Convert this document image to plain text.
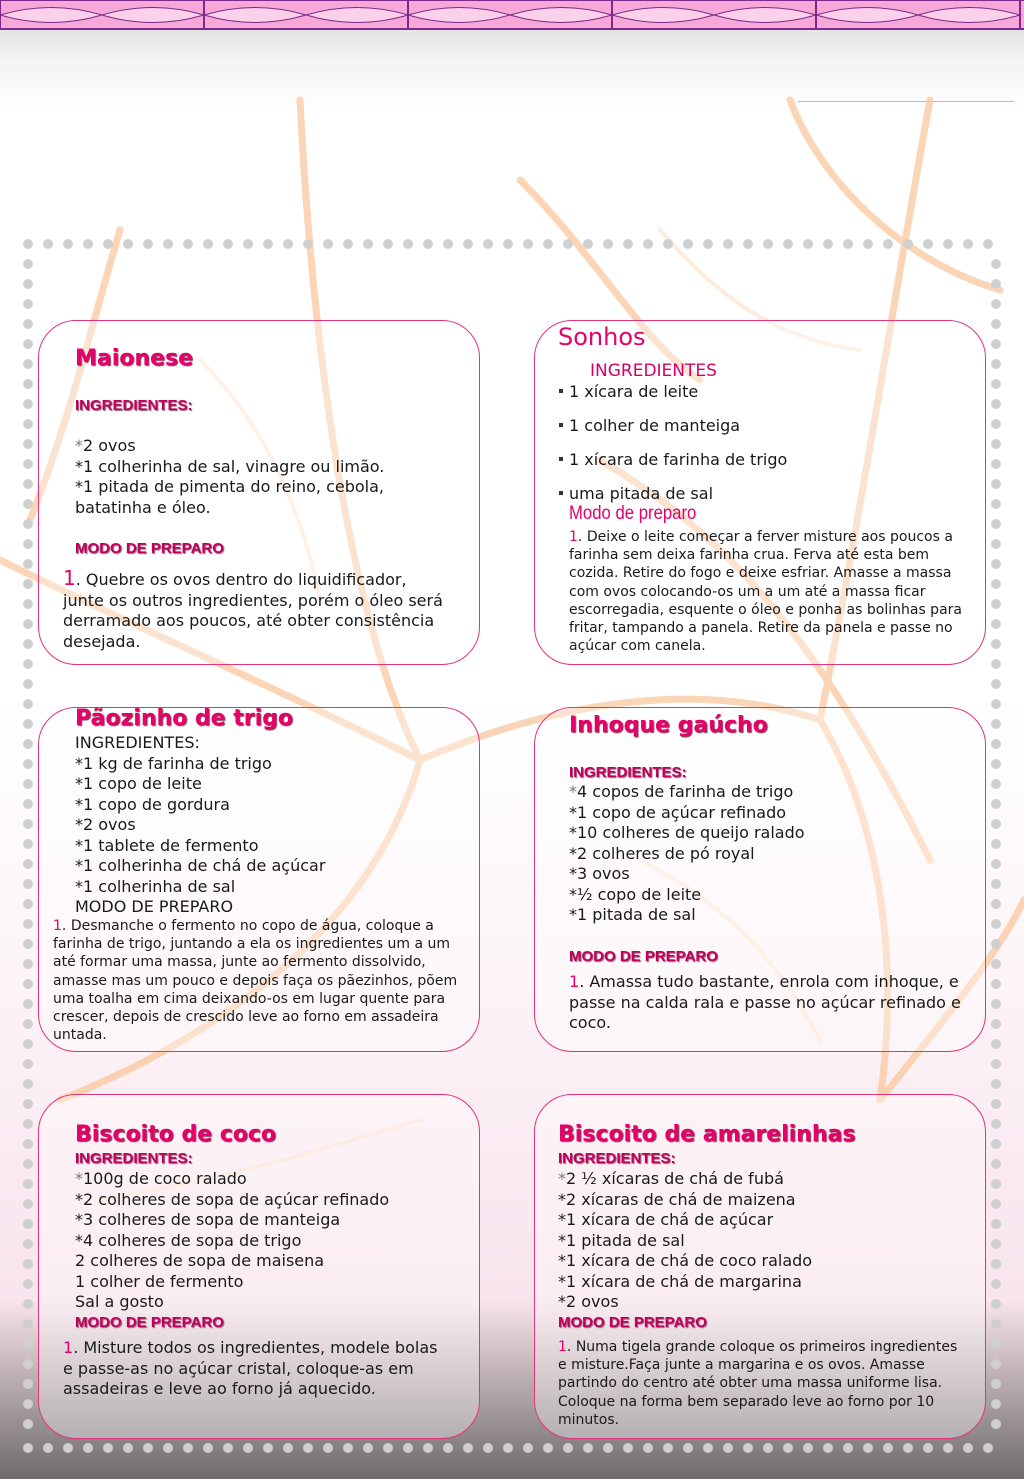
Maionese
INGREDIENTES:
*2 ovos
*1 colherinha de sal, vinagre ou limão.
*1 pitada de pimenta do reino, cebola,
batatinha e óleo.
MODO DE PREPARO
1. Quebre os ovos dentro do liquidificador, junte os outros ingredientes, porém o óleo será derramado aos poucos, até obter consistência desejada.
Sonhos
INGREDIENTES
1 xícara de leite
1 colher de manteiga
1 xícara de farinha de trigo
uma pitada de sal
Modo de preparo
1. Deixe o leite começar a ferver misture aos poucos a farinha sem deixa farinha crua. Ferva até esta bem cozida. Retire do fogo e deixe esfriar. Amasse a massa com ovos colocando-os um a um até a massa ficar escorregadia, esquente o óleo e ponha as bolinhas para fritar, tampando a panela. Retire da panela e passe no açúcar com canela.
Pãozinho de trigo
INGREDIENTES:
*1 kg de farinha de trigo
*1 copo de leite
*1 copo de gordura
*2 ovos
*1 tablete de fermento
*1 colherinha de chá de açúcar
*1 colherinha de sal
MODO DE PREPARO
1. Desmanche o fermento no copo de água, coloque a farinha de trigo, juntando a ela os ingredientes um a um até formar uma massa, junte ao fermento dissolvido, amasse mas um pouco e depois faça os pãezinhos, põem uma toalha em cima deixando-os em lugar quente para crescer, depois de crescido leve ao forno em assadeira untada.
Inhoque gaúcho
INGREDIENTES:
*4 copos de farinha de trigo
*1 copo de açúcar refinado
*10 colheres de queijo ralado
*2 colheres de pó royal
*3 ovos
*½ copo de leite
*1 pitada de sal
MODO DE PREPARO
1. Amassa tudo bastante, enrola com inhoque, e passe na calda rala e passe no açúcar refinado e coco.
Biscoito de coco
INGREDIENTES:
*100g de coco ralado
*2 colheres de sopa de açúcar refinado
*3 colheres de sopa de manteiga
*4 colheres de sopa de trigo
2 colheres de sopa de maisena
1 colher de fermento
Sal a gosto
MODO DE PREPARO
1. Misture todos os ingredientes, modele bolas e passe-as no açúcar cristal, coloque-as em assadeiras e leve ao forno já aquecido.
Biscoito de amarelinhas
INGREDIENTES:
*2 ½ xícaras de chá de fubá
*2 xícaras de chá de maizena
*1 xícara de chá de açúcar
*1 pitada de sal
*1 xícara de chá de coco ralado
*1 xícara de chá de margarina
*2 ovos
MODO DE PREPARO
1. Numa tigela grande coloque os primeiros ingredientes e misture.Faça junte a margarina e os ovos. Amasse partindo do centro até obter uma massa uniforme lisa. Coloque na forma bem separado leve ao forno por 10 minutos.
